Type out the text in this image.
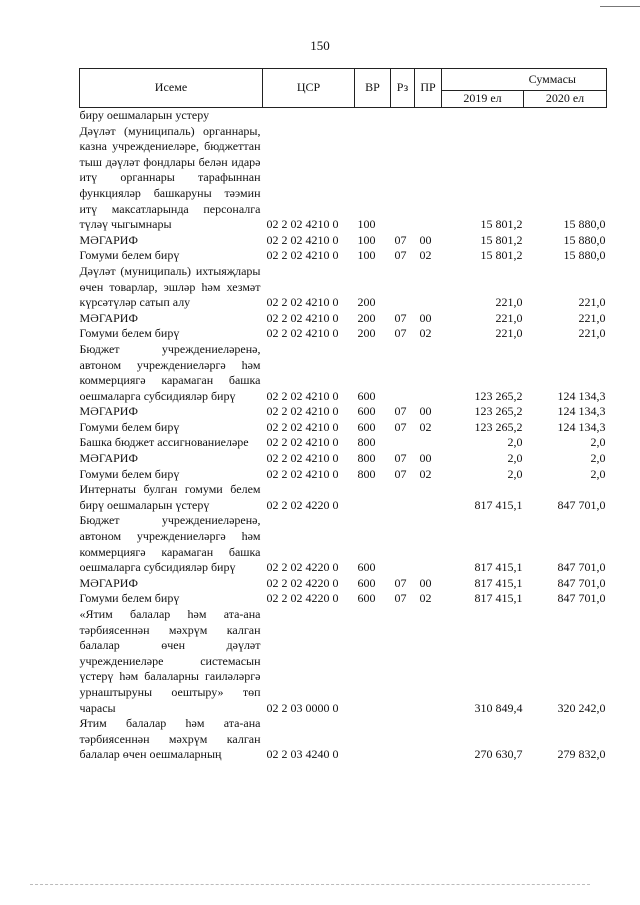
150
Исеме	ЦСР	ВР	Рз	ПР	Суммасы	
					2019 ел	2020 ел
биру оешмаларын устеру						
Дәүләт (муниципаль) органнары, казна учреждениеләре, бюджеттан тыш дәүләт фондлары белән идарә итү органнары тарафыннан функцияләр башкаруны тәэмин итү максатларында персоналга түләү чыгымнары	02 2 02 4210 0	100			15 801,2	15 880,0
МӘГАРИФ	02 2 02 4210 0	100	07	00	15 801,2	15 880,0
Гомуми белем бирү	02 2 02 4210 0	100	07	02	15 801,2	15 880,0
Дәүләт (муниципаль) ихтыяҗлары өчен товарлар, эшләр һәм хезмәт күрсәтүләр сатып алу	02 2 02 4210 0	200			221,0	221,0
МӘГАРИФ	02 2 02 4210 0	200	07	00	221,0	221,0
Гомуми белем бирү	02 2 02 4210 0	200	07	02	221,0	221,0
Бюджет учреждениеләренә, автоном учреждениеләргә һәм коммерциягә карамаган башка оешмаларга субсидияләр бирү	02 2 02 4210 0	600			123 265,2	124 134,3
МӘГАРИФ	02 2 02 4210 0	600	07	00	123 265,2	124 134,3
Гомуми белем бирү	02 2 02 4210 0	600	07	02	123 265,2	124 134,3
Башка бюджет ассигнованиеләре	02 2 02 4210 0	800			2,0	2,0
МӘГАРИФ	02 2 02 4210 0	800	07	00	2,0	2,0
Гомуми белем бирү	02 2 02 4210 0	800	07	02	2,0	2,0
Интернаты булган гомуми белем бирү оешмаларын үстерү	02 2 02 4220 0				817 415,1	847 701,0
Бюджет учреждениеләренә, автоном учреждениеләргә һәм коммерциягә карамаган башка оешмаларга субсидияләр бирү	02 2 02 4220 0	600			817 415,1	847 701,0
МӘГАРИФ	02 2 02 4220 0	600	07	00	817 415,1	847 701,0
Гомуми белем бирү	02 2 02 4220 0	600	07	02	817 415,1	847 701,0
«Ятим балалар һәм ата-ана тәрбиясеннән мәхрүм калган балалар өчен дәүләт учреждениеләре системасын үстерү һәм балаларны гаиләләргә урнаштыруны оештыру» төп чарасы	02 2 03 0000 0				310 849,4	320 242,0
Ятим балалар һәм ата-ана тәрбиясеннән мәхрүм калган балалар өчен оешмаларның	02 2 03 4240 0				270 630,7	279 832,0
